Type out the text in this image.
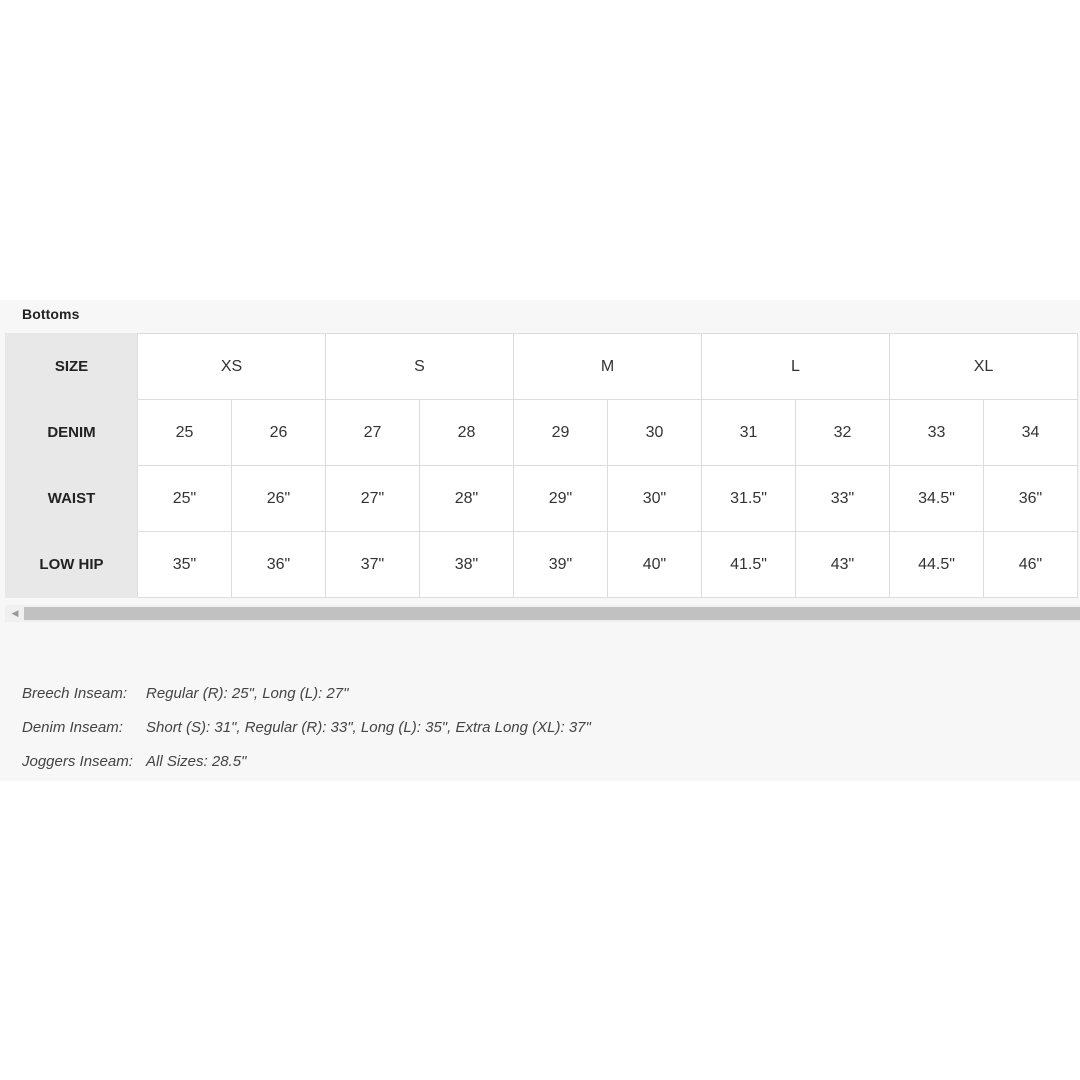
Bottoms
SIZE	XS		S		M		L		XL	
DENIM	25	26	27	28	29	30	31	32	33	34
WAIST	25"	26"	27"	28"	29"	30"	31.5"	33"	34.5"	36"
LOW HIP	35"	36"	37"	38"	39"	40"	41.5"	43"	44.5"	46"
◀
Breech Inseam: Regular (R): 25", Long (L): 27"
Denim Inseam: Short (S): 31", Regular (R): 33", Long (L): 35", Extra Long (XL): 37"
Joggers Inseam: All Sizes: 28.5"
